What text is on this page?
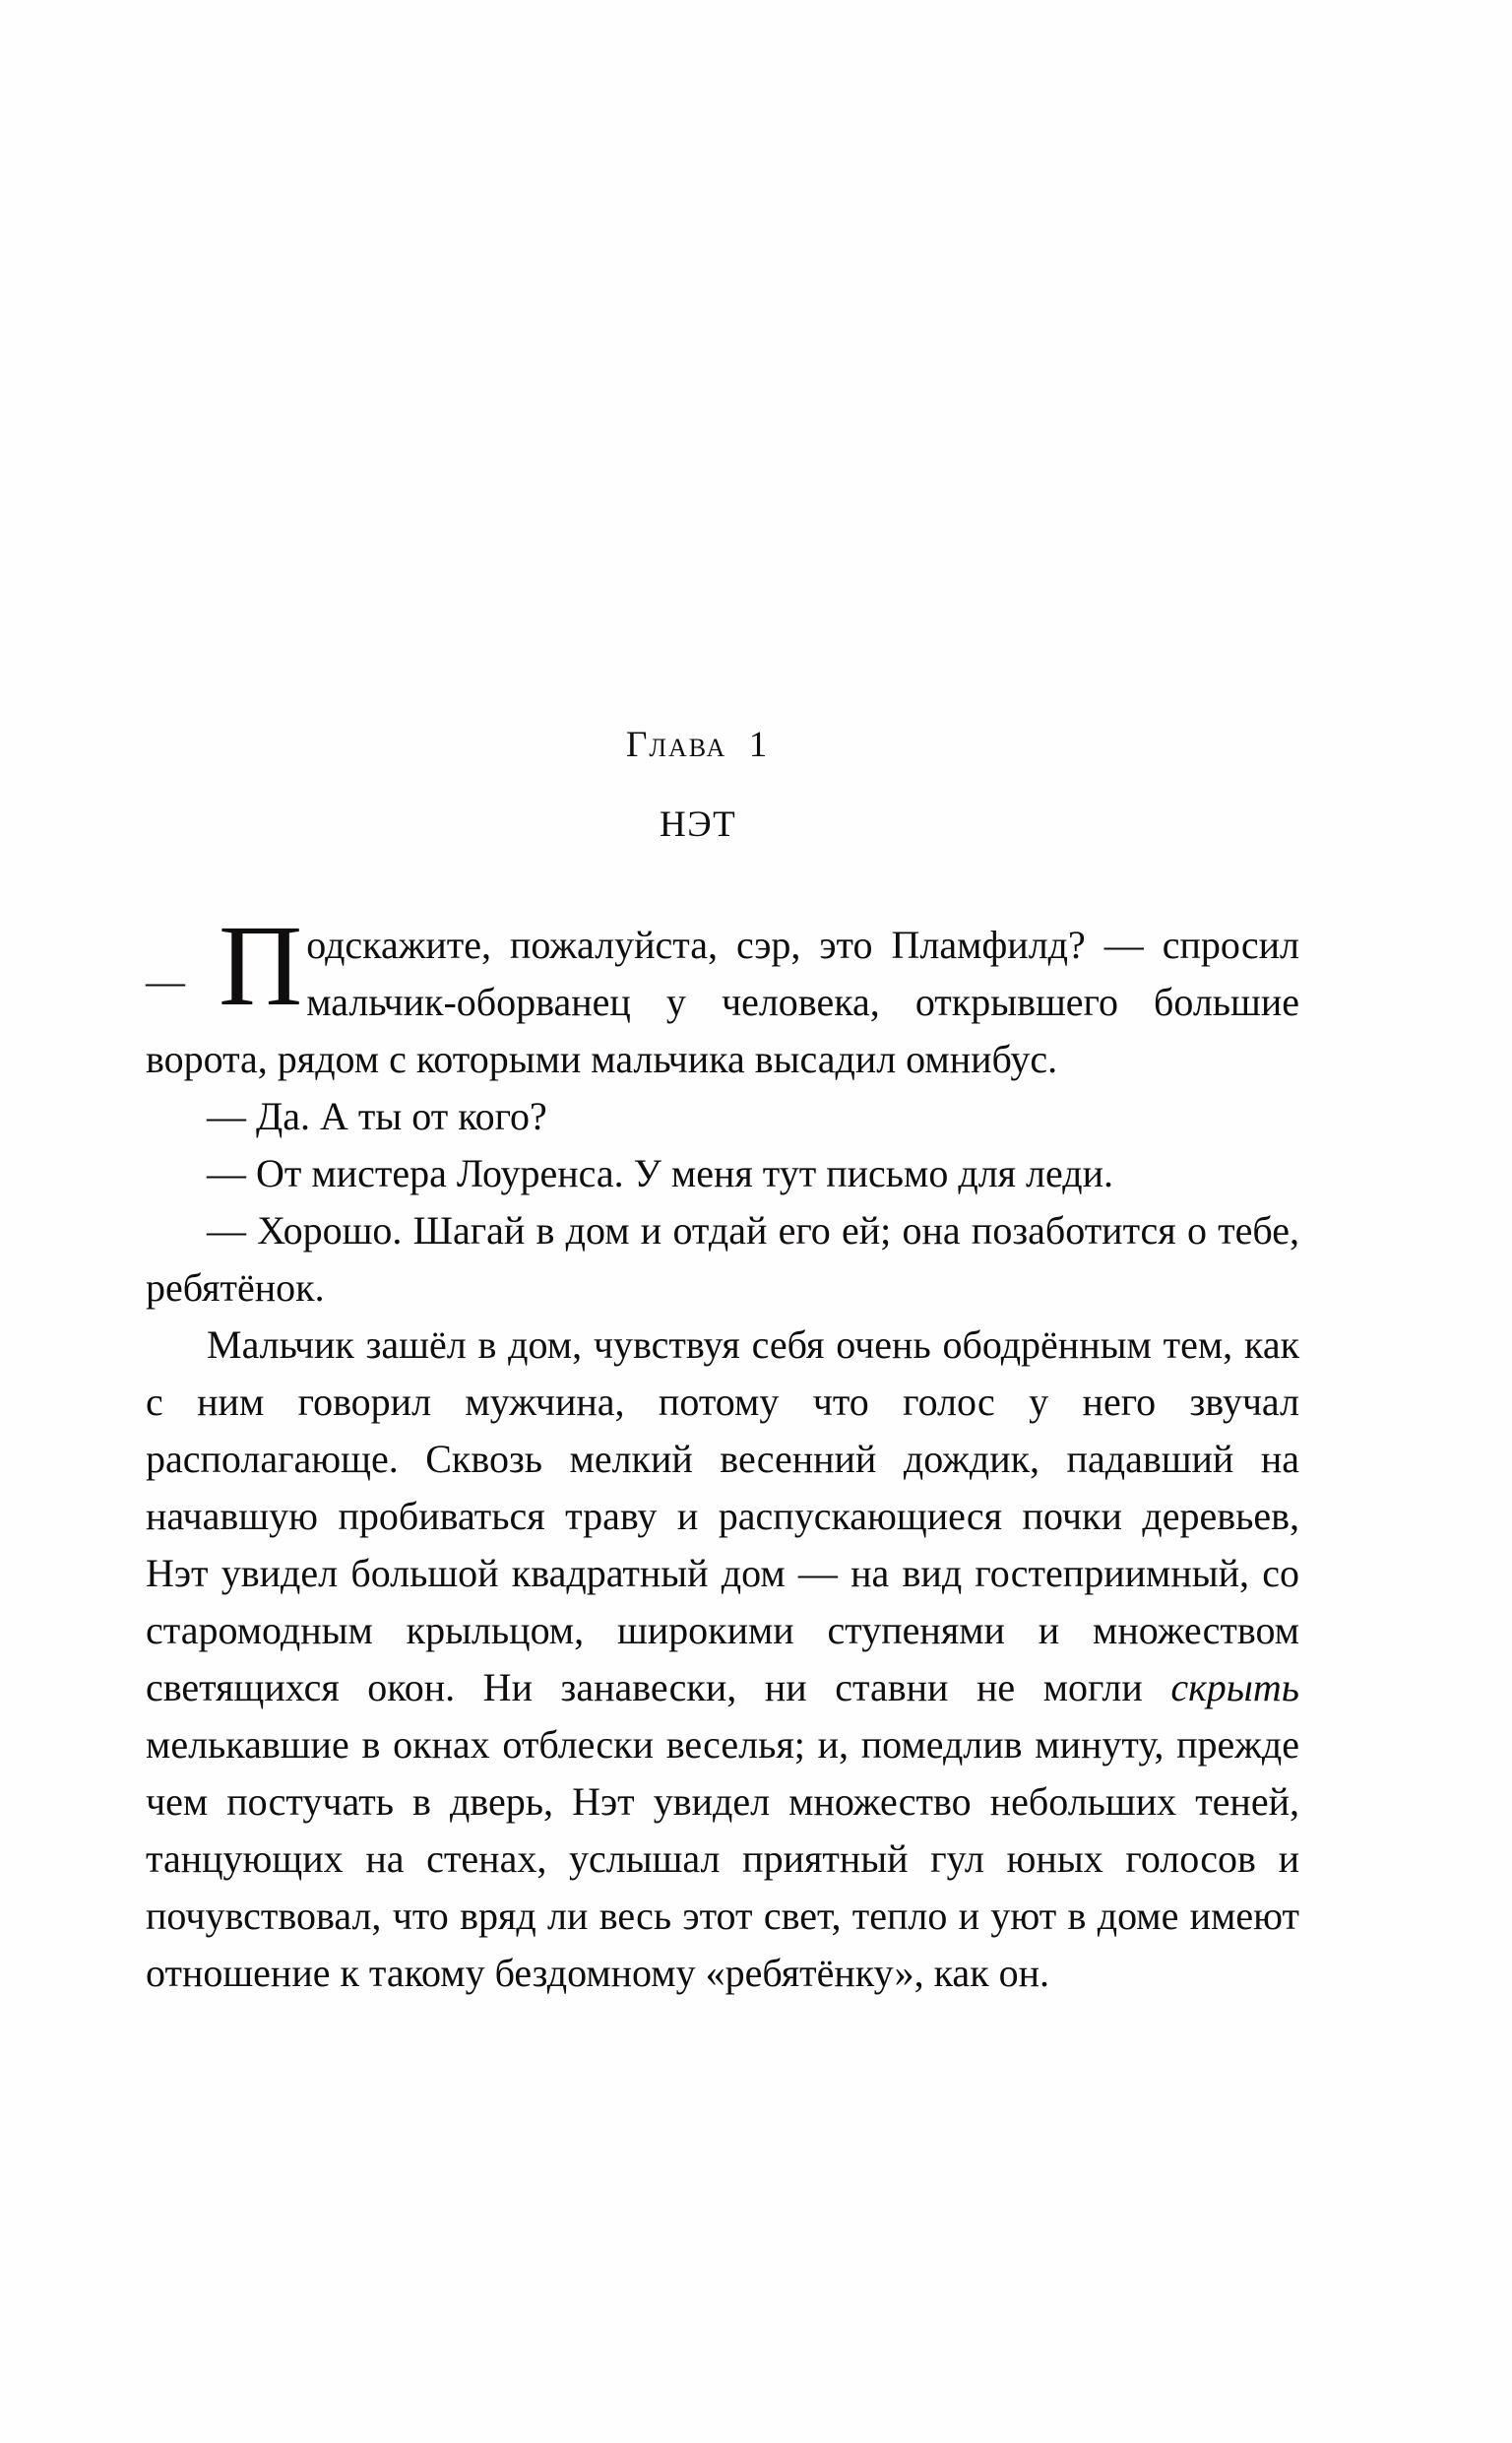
Глава  1
НЭТ
— П одскажите, пожалуйста, сэр, это Пламфилд? — спросил мальчик-оборванец у человека, открывшего большие ворота, рядом с которыми мальчика высадил омнибус.

— Да. А ты от кого?

— От мистера Лоуренса. У меня тут письмо для леди.

— Хорошо. Шагай в дом и отдай его ей; она позаботится о тебе, ребятёнок.

Мальчик зашёл в дом, чувствуя себя очень ободрённым тем, как с ним говорил мужчина, потому что голос у него звучал располагающе. Сквозь мелкий весенний дождик, падавший на начавшую пробиваться траву и распускающиеся почки деревьев, Нэт увидел большой квадратный дом — на вид гостеприимный, со старомодным крыльцом, широкими ступенями и множеством светящихся окон. Ни занавески, ни ставни не могли скрыть мелькавшие в окнах отблески веселья; и, помедлив минуту, прежде чем постучать в дверь, Нэт увидел множество небольших теней, танцующих на стенах, услышал приятный гул юных голосов и почувствовал, что вряд ли весь этот свет, тепло и уют в доме имеют отношение к такому бездомному «ребятёнку», как он.
